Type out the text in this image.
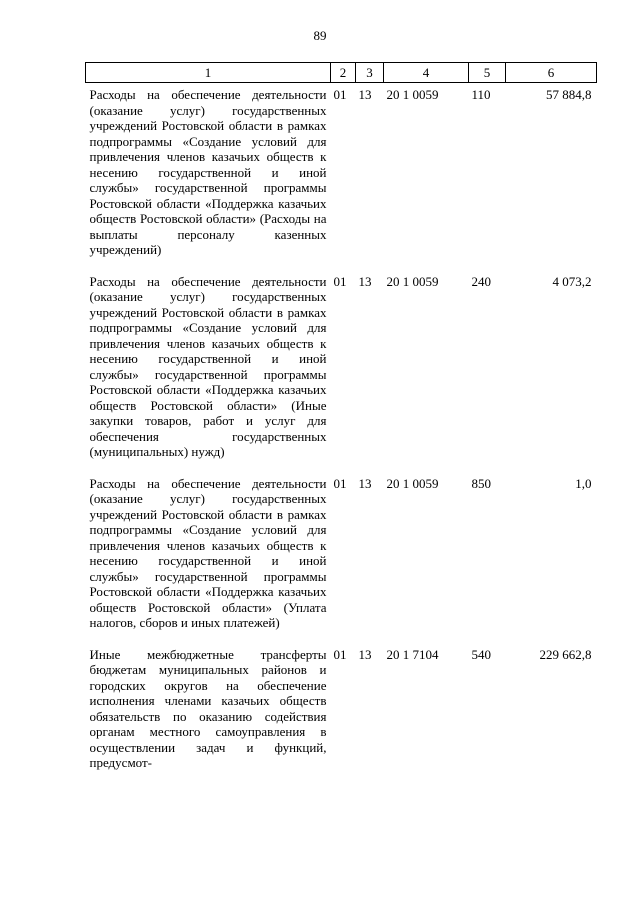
89
1	2	3	4	5	6
Расходы на обеспечение деятельности (оказание услуг) государственных учреждений Ростовской области в рамках подпрограммы «Создание условий для привлечения членов казачьих обществ к несению государственной и иной службы» государственной программы Ростовской области «Поддержка казачьих обществ Ростовской области» (Расходы на выплаты персоналу казенных учреждений)	01	13	20 1 0059	110	57 884,8
Расходы на обеспечение деятельности (оказание услуг) государственных учреждений Ростовской области в рамках подпрограммы «Создание условий для привлечения членов казачьих обществ к несению государственной и иной службы» государственной программы Ростовской области «Поддержка казачьих обществ Ростовской области» (Иные закупки товаров, работ и услуг для обеспечения государственных (муниципальных) нужд)	01	13	20 1 0059	240	4 073,2
Расходы на обеспечение деятельности (оказание услуг) государственных учреждений Ростовской области в рамках подпрограммы «Создание условий для привлечения членов казачьих обществ к несению государственной и иной службы» государственной программы Ростовской области «Поддержка казачьих обществ Ростовской области» (Уплата налогов, сборов и иных платежей)	01	13	20 1 0059	850	1,0
Иные межбюджетные трансферты бюджетам муниципальных районов и городских округов на обеспечение исполнения членами казачьих обществ обязательств по оказанию содействия органам местного самоуправления в осуществлении задач и функций, предусмот-	01	13	20 1 7104	540	229 662,8
